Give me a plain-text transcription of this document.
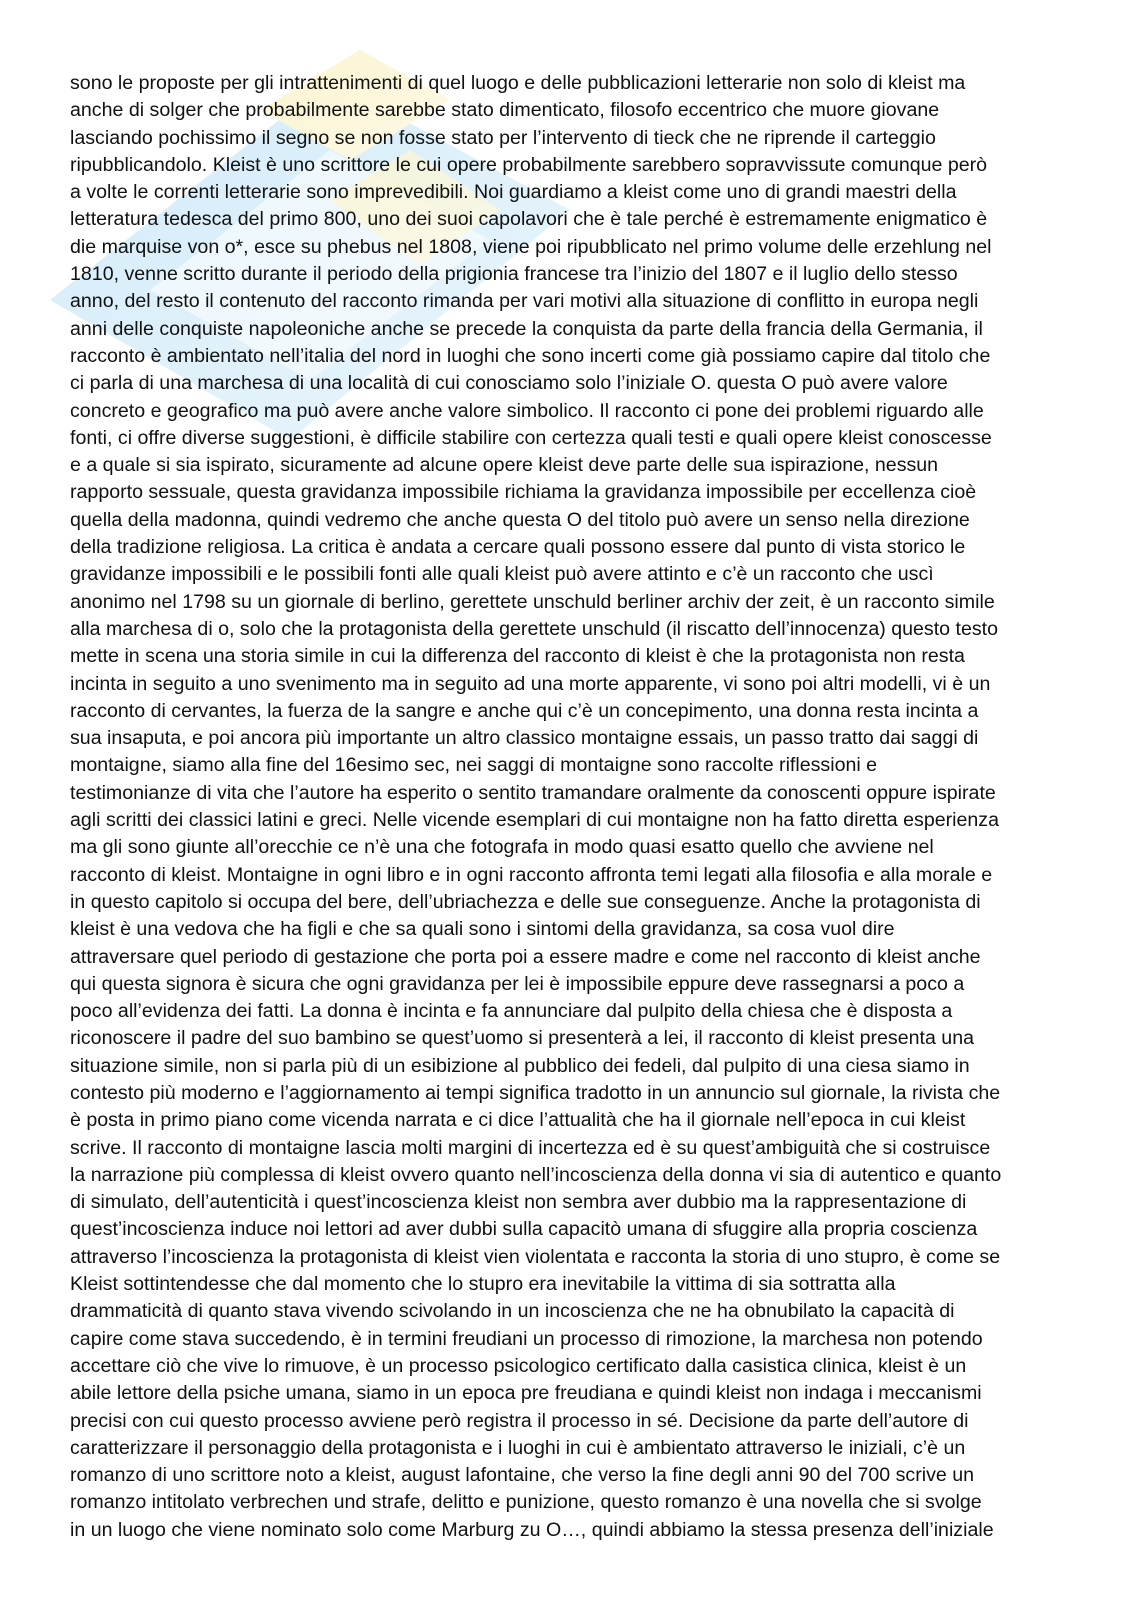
sono le proposte per gli intrattenimenti di quel luogo e delle pubblicazioni letterarie non solo di kleist ma
anche di solger che probabilmente sarebbe stato dimenticato, filosofo eccentrico che muore giovane
lasciando pochissimo il segno se non fosse stato per l’intervento di tieck che ne riprende il carteggio
ripubblicandolo. Kleist è uno scrittore le cui opere probabilmente sarebbero sopravvissute comunque però
a volte le correnti letterarie sono imprevedibili. Noi guardiamo a kleist come uno di grandi maestri della
letteratura tedesca del primo 800, uno dei suoi capolavori che è tale perché è estremamente enigmatico è
die marquise von o*, esce su phebus nel 1808, viene poi ripubblicato nel primo volume delle erzehlung nel
1810, venne scritto durante il periodo della prigionia francese tra l’inizio del 1807 e il luglio dello stesso
anno, del resto il contenuto del racconto rimanda per vari motivi alla situazione di conflitto in europa negli
anni delle conquiste napoleoniche anche se precede la conquista da parte della francia della Germania, il
racconto è ambientato nell’italia del nord in luoghi che sono incerti come già possiamo capire dal titolo che
ci parla di una marchesa di una località di cui conosciamo solo l’iniziale O. questa O può avere valore
concreto e geografico ma può avere anche valore simbolico. Il racconto ci pone dei problemi riguardo alle
fonti, ci offre diverse suggestioni, è difficile stabilire con certezza quali testi e quali opere kleist conoscesse
e a quale si sia ispirato, sicuramente ad alcune opere kleist deve parte delle sua ispirazione, nessun
rapporto sessuale, questa gravidanza impossibile richiama la gravidanza impossibile per eccellenza cioè
quella della madonna, quindi vedremo che anche questa O del titolo può avere un senso nella direzione
della tradizione religiosa. La critica è andata a cercare quali possono essere dal punto di vista storico le
gravidanze impossibili e le possibili fonti alle quali kleist può avere attinto e c’è un racconto che uscì
anonimo nel 1798 su un giornale di berlino, gerettete unschuld berliner archiv der zeit, è un racconto simile
alla marchesa di o, solo che la protagonista della gerettete unschuld (il riscatto dell’innocenza) questo testo
mette in scena una storia simile in cui la differenza del racconto di kleist è che la protagonista non resta
incinta in seguito a uno svenimento ma in seguito ad una morte apparente, vi sono poi altri modelli, vi è un
racconto di cervantes, la fuerza de la sangre e anche qui c’è un concepimento, una donna resta incinta a
sua insaputa, e poi ancora più importante un altro classico montaigne essais, un passo tratto dai saggi di
montaigne, siamo alla fine del 16esimo sec, nei saggi di montaigne sono raccolte riflessioni e
testimonianze di vita che l’autore ha esperito o sentito tramandare oralmente da conoscenti oppure ispirate
agli scritti dei classici latini e greci. Nelle vicende esemplari di cui montaigne non ha fatto diretta esperienza
ma gli sono giunte all’orecchie ce n’è una che fotografa in modo quasi esatto quello che avviene nel
racconto di kleist. Montaigne in ogni libro e in ogni racconto affronta temi legati alla filosofia e alla morale e
in questo capitolo si occupa del bere, dell’ubriachezza e delle sue conseguenze. Anche la protagonista di
kleist è una vedova che ha figli e che sa quali sono i sintomi della gravidanza, sa cosa vuol dire
attraversare quel periodo di gestazione che porta poi a essere madre e come nel racconto di kleist anche
qui questa signora è sicura che ogni gravidanza per lei è impossibile eppure deve rassegnarsi a poco a
poco all’evidenza dei fatti. La donna è incinta e fa annunciare dal pulpito della chiesa che è disposta a
riconoscere il padre del suo bambino se quest’uomo si presenterà a lei, il racconto di kleist presenta una
situazione simile, non si parla più di un esibizione al pubblico dei fedeli, dal pulpito di una ciesa siamo in
contesto più moderno e l’aggiornamento ai tempi significa tradotto in un annuncio sul giornale, la rivista che
è posta in primo piano come vicenda narrata e ci dice l’attualità che ha il giornale nell’epoca in cui kleist
scrive. Il racconto di montaigne lascia molti margini di incertezza ed è su quest’ambiguità che si costruisce
la narrazione più complessa di kleist ovvero quanto nell’incoscienza della donna vi sia di autentico e quanto
di simulato, dell’autenticità i quest’incoscienza kleist non sembra aver dubbio ma la rappresentazione di
quest’incoscienza induce noi lettori ad aver dubbi sulla capacitò umana di sfuggire alla propria coscienza
attraverso l’incoscienza la protagonista di kleist vien violentata e racconta la storia di uno stupro, è come se
Kleist sottintendesse che dal momento che lo stupro era inevitabile la vittima di sia sottratta alla
drammaticità di quanto stava vivendo scivolando in un incoscienza che ne ha obnubilato la capacità di
capire come stava succedendo, è in termini freudiani un processo di rimozione, la marchesa non potendo
accettare ciò che vive lo rimuove, è un processo psicologico certificato dalla casistica clinica, kleist è un
abile lettore della psiche umana, siamo in un epoca pre freudiana e quindi kleist non indaga i meccanismi
precisi con cui questo processo avviene però registra il processo in sé. Decisione da parte dell’autore di
caratterizzare il personaggio della protagonista e i luoghi in cui è ambientato attraverso le iniziali, c’è un
romanzo di uno scrittore noto a kleist, august lafontaine, che verso la fine degli anni 90 del 700 scrive un
romanzo intitolato verbrechen und strafe, delitto e punizione, questo romanzo è una novella che si svolge
in un luogo che viene nominato solo come Marburg zu O…, quindi abbiamo la stessa presenza dell’iniziale
